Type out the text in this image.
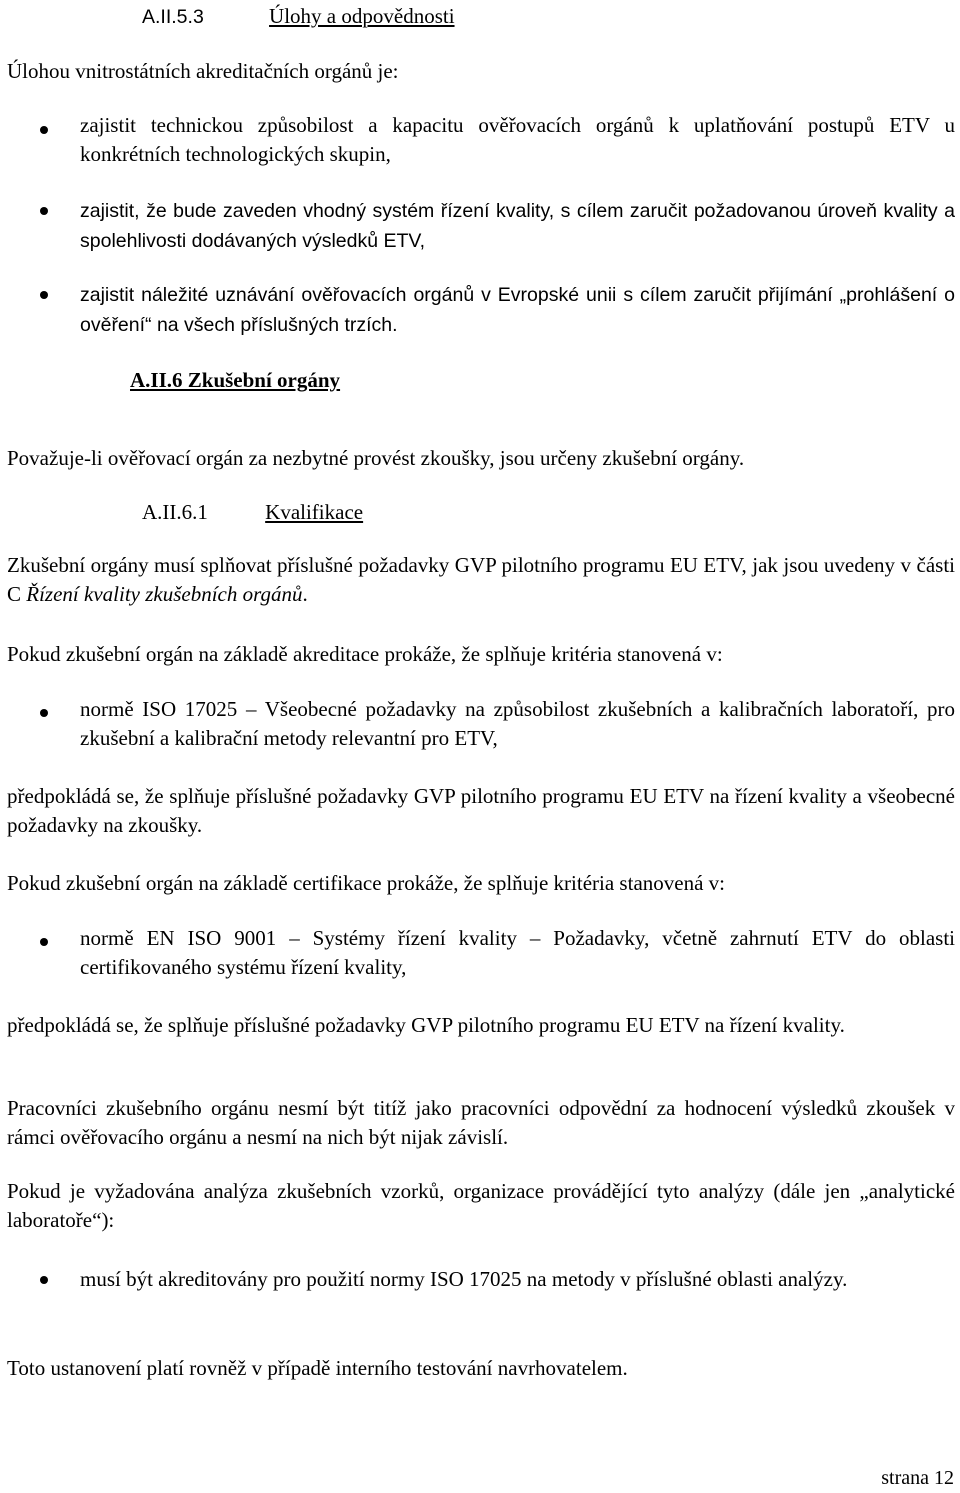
A.II.5.3	Úlohy a odpovědnosti

Úlohou vnitrostátních akreditačních orgánů je:

zajistit technickou způsobilost a kapacitu ověřovacích orgánů k uplatňování postupů ETV u konkrétních technologických skupin,

zajistit, že bude zaveden vhodný systém řízení kvality, s cílem zaručit požadovanou úroveň kvality a spolehlivosti dodávaných výsledků ETV,

zajistit náležité uznávání ověřovacích orgánů v Evropské unii s cílem zaručit přijímání „prohlášení o ověření“ na všech příslušných trzích.

A.II.6 Zkušební orgány

Považuje-li ověřovací orgán za nezbytné provést zkoušky, jsou určeny zkušební orgány.

A.II.6.1	Kvalifikace

Zkušební orgány musí splňovat příslušné požadavky GVP pilotního programu EU ETV, jak jsou uvedeny v části C Řízení kvality zkušebních orgánů.

Pokud zkušební orgán na základě akreditace prokáže, že splňuje kritéria stanovená v:

normě ISO 17025 – Všeobecné požadavky na způsobilost zkušebních a kalibračních laboratoří, pro zkušební a kalibrační metody relevantní pro ETV,

předpokládá se, že splňuje příslušné požadavky GVP pilotního programu EU ETV na řízení kvality a všeobecné požadavky na zkoušky.

Pokud zkušební orgán na základě certifikace prokáže, že splňuje kritéria stanovená v:

normě EN ISO 9001 – Systémy řízení kvality – Požadavky, včetně zahrnutí ETV do oblasti certifikovaného systému řízení kvality,

předpokládá se, že splňuje příslušné požadavky GVP pilotního programu EU ETV na řízení kvality.

Pracovníci zkušebního orgánu nesmí být titíž jako pracovníci odpovědní za hodnocení výsledků zkoušek v rámci ověřovacího orgánu a nesmí na nich být nijak závislí.

Pokud je vyžadována analýza zkušebních vzorků, organizace provádějící tyto analýzy (dále jen „analytické laboratoře“):

musí být akreditovány pro použití normy ISO 17025 na metody v příslušné oblasti analýzy.

Toto ustanovení platí rovněž v případě interního testování navrhovatelem.

strana 12
